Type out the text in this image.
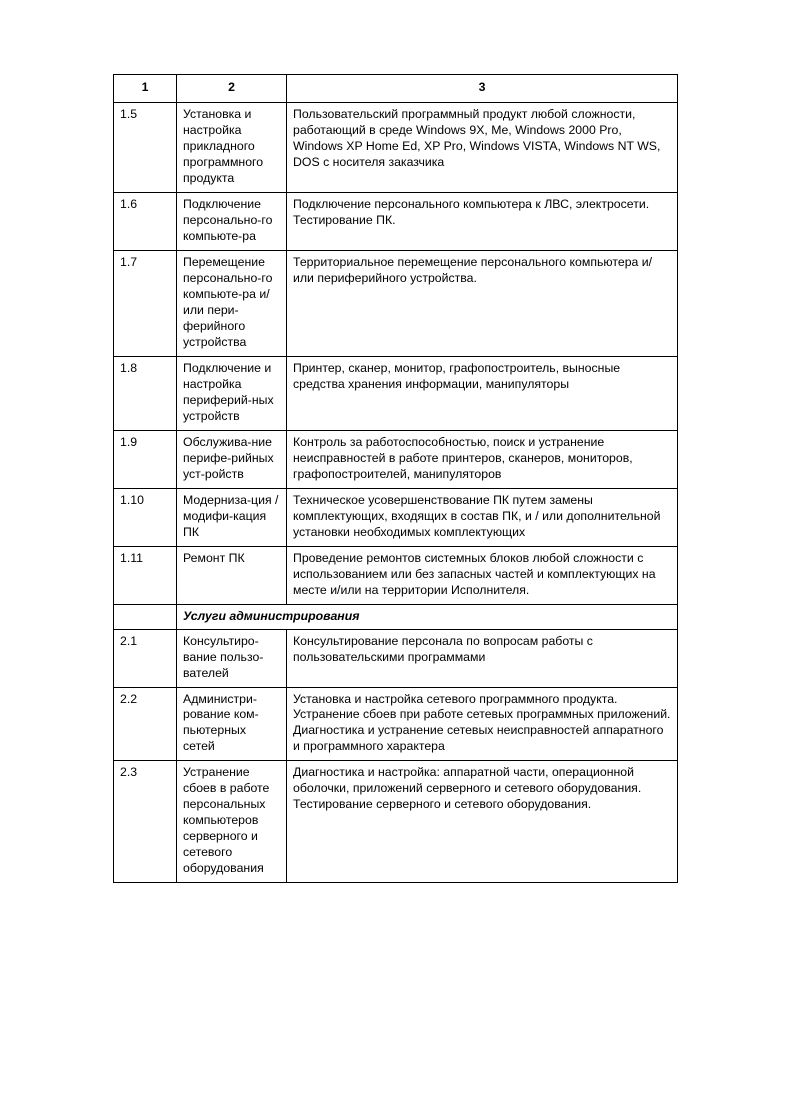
1	2	3
1.5	Установка и настройка прикладного программного продукта	Пользовательский программный продукт любой сложности, работающий в среде Windows 9X, Me, Windows 2000 Pro, Windows XP Home Ed, XP Pro, Windows VISTA, Windows NT WS, DOS с носителя заказчика
1.6	Подключение персонально-го компьюте-ра	Подключение персонального компьютера к ЛВС, электросети. Тестирование ПК.
1.7	Перемещение персонально-го компьюте-ра и/или пери-ферийного устройства	Территориальное перемещение персонального компьютера и/или периферийного устройства.
1.8	Подключение и настройка периферий-ных устройств	Принтер, сканер, монитор, графопостроитель, выносные средства хранения информации, манипуляторы
1.9	Обслужива-ние перифе-рийных уст-ройств	Контроль за работоспособностью, поиск и устранение неисправностей в работе принтеров, сканеров, мониторов, графопостроителей, манипуляторов
1.10	Модерниза-ция / модифи-кация ПК	Техническое усовершенствование ПК путем замены комплектующих, входящих в состав ПК, и / или дополнительной установки необходимых комплектующих
1.11	Ремонт ПК	Проведение ремонтов системных блоков любой сложности с использованием или без запасных частей и комплектующих на месте и/или на территории Исполнителя.
	Услуги администрирования	
2.1	Консультиро-вание пользо-вателей	Консультирование персонала по вопросам работы с пользовательскими программами
2.2	Администри-рование ком-пьютерных сетей	Установка и настройка сетевого программного продукта. Устранение сбоев при работе сетевых программных приложений. Диагностика и устранение сетевых неисправностей аппаратного и программного характера
2.3	Устранение сбоев в работе персональных компьютеров серверного и сетевого оборудования	Диагностика и настройка: аппаратной части, операционной оболочки, приложений серверного и сетевого оборудования. Тестирование серверного и сетевого оборудования.
